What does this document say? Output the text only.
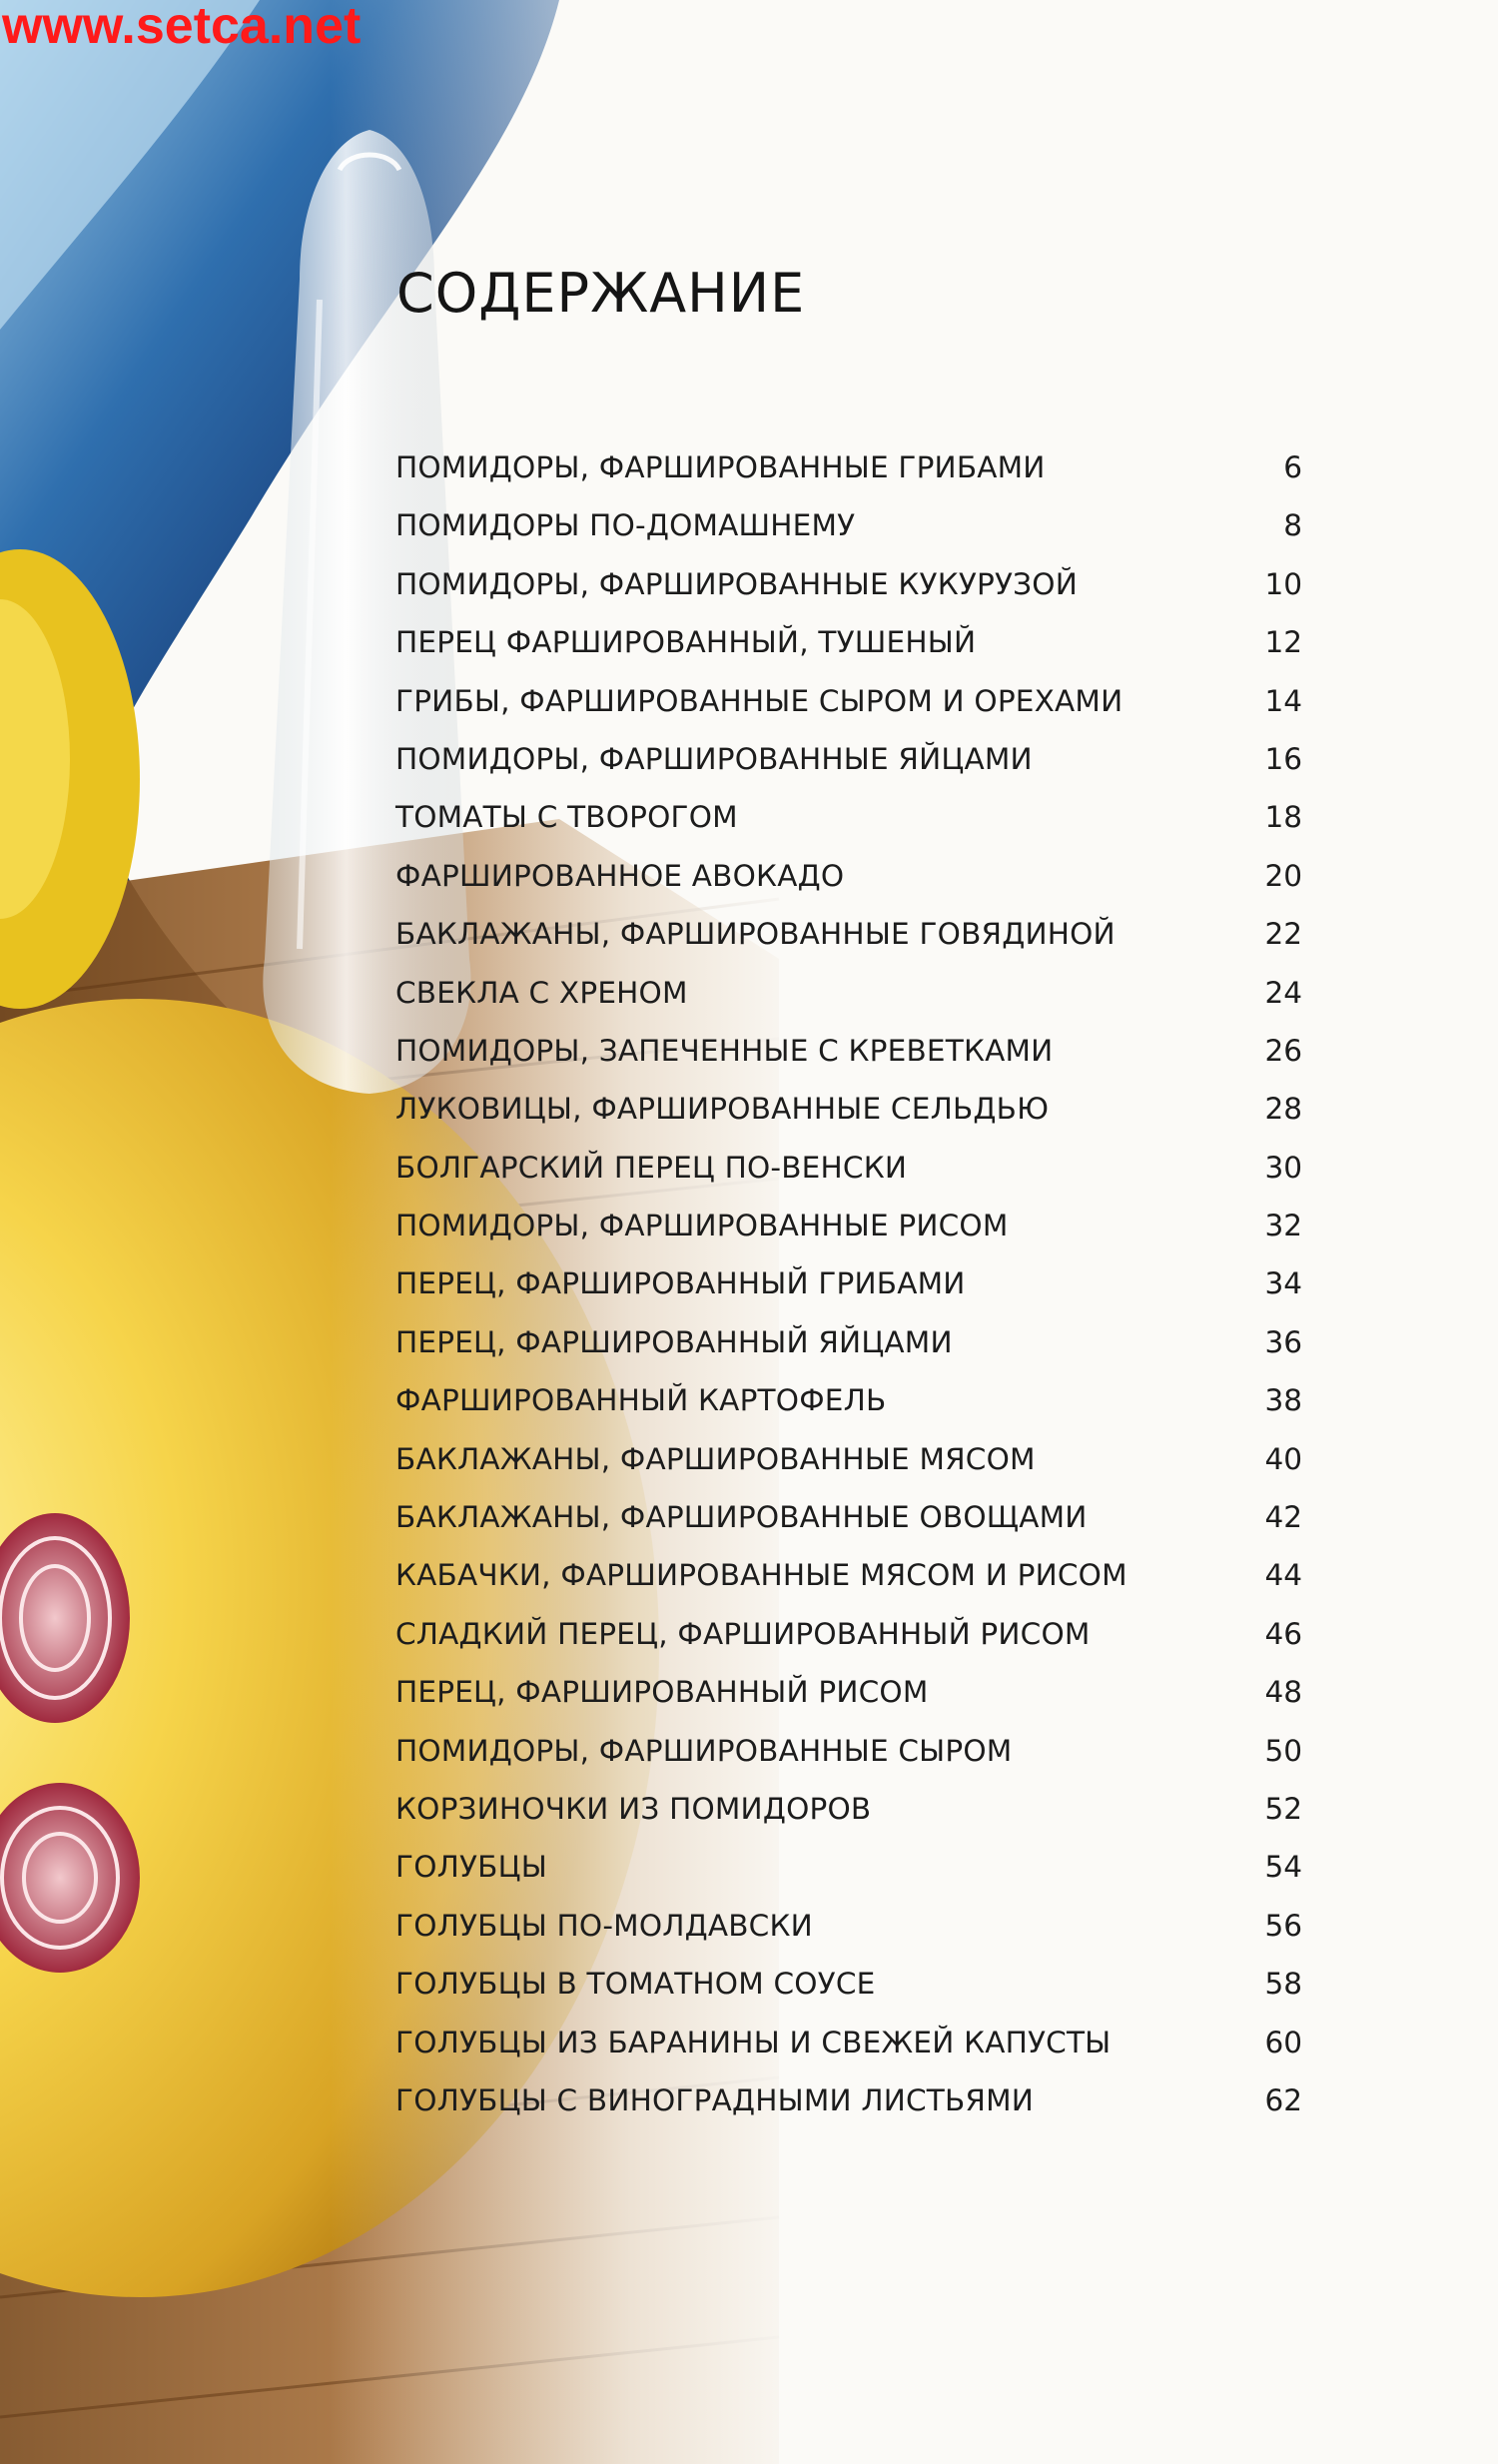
www.setca.net
СОДЕРЖАНИЕ
ПОМИДОРЫ, ФАРШИРОВАННЫЕ ГРИБАМИ	6
ПОМИДОРЫ ПО-ДОМАШНЕМУ	8
ПОМИДОРЫ, ФАРШИРОВАННЫЕ КУКУРУЗОЙ	10
ПЕРЕЦ ФАРШИРОВАННЫЙ, ТУШЕНЫЙ	12
ГРИБЫ, ФАРШИРОВАННЫЕ СЫРОМ И ОРЕХАМИ	14
ПОМИДОРЫ, ФАРШИРОВАННЫЕ ЯЙЦАМИ	16
ТОМАТЫ С ТВОРОГОМ	18
ФАРШИРОВАННОЕ АВОКАДО	20
БАКЛАЖАНЫ, ФАРШИРОВАННЫЕ ГОВЯДИНОЙ	22
СВЕКЛА С ХРЕНОМ	24
ПОМИДОРЫ, ЗАПЕЧЕННЫЕ С КРЕВЕТКАМИ	26
ЛУКОВИЦЫ, ФАРШИРОВАННЫЕ СЕЛЬДЬЮ	28
БОЛГАРСКИЙ ПЕРЕЦ ПО-ВЕНСКИ	30
ПОМИДОРЫ, ФАРШИРОВАННЫЕ РИСОМ	32
ПЕРЕЦ, ФАРШИРОВАННЫЙ ГРИБАМИ	34
ПЕРЕЦ, ФАРШИРОВАННЫЙ ЯЙЦАМИ	36
ФАРШИРОВАННЫЙ КАРТОФЕЛЬ	38
БАКЛАЖАНЫ, ФАРШИРОВАННЫЕ МЯСОМ	40
БАКЛАЖАНЫ, ФАРШИРОВАННЫЕ ОВОЩАМИ	42
КАБАЧКИ, ФАРШИРОВАННЫЕ МЯСОМ И РИСОМ	44
СЛАДКИЙ ПЕРЕЦ, ФАРШИРОВАННЫЙ РИСОМ	46
ПЕРЕЦ, ФАРШИРОВАННЫЙ РИСОМ	48
ПОМИДОРЫ, ФАРШИРОВАННЫЕ СЫРОМ	50
КОРЗИНОЧКИ ИЗ ПОМИДОРОВ	52
ГОЛУБЦЫ	54
ГОЛУБЦЫ ПО-МОЛДАВСКИ	56
ГОЛУБЦЫ В ТОМАТНОМ СОУСЕ	58
ГОЛУБЦЫ ИЗ БАРАНИНЫ И СВЕЖЕЙ КАПУСТЫ	60
ГОЛУБЦЫ С ВИНОГРАДНЫМИ ЛИСТЬЯМИ	62
